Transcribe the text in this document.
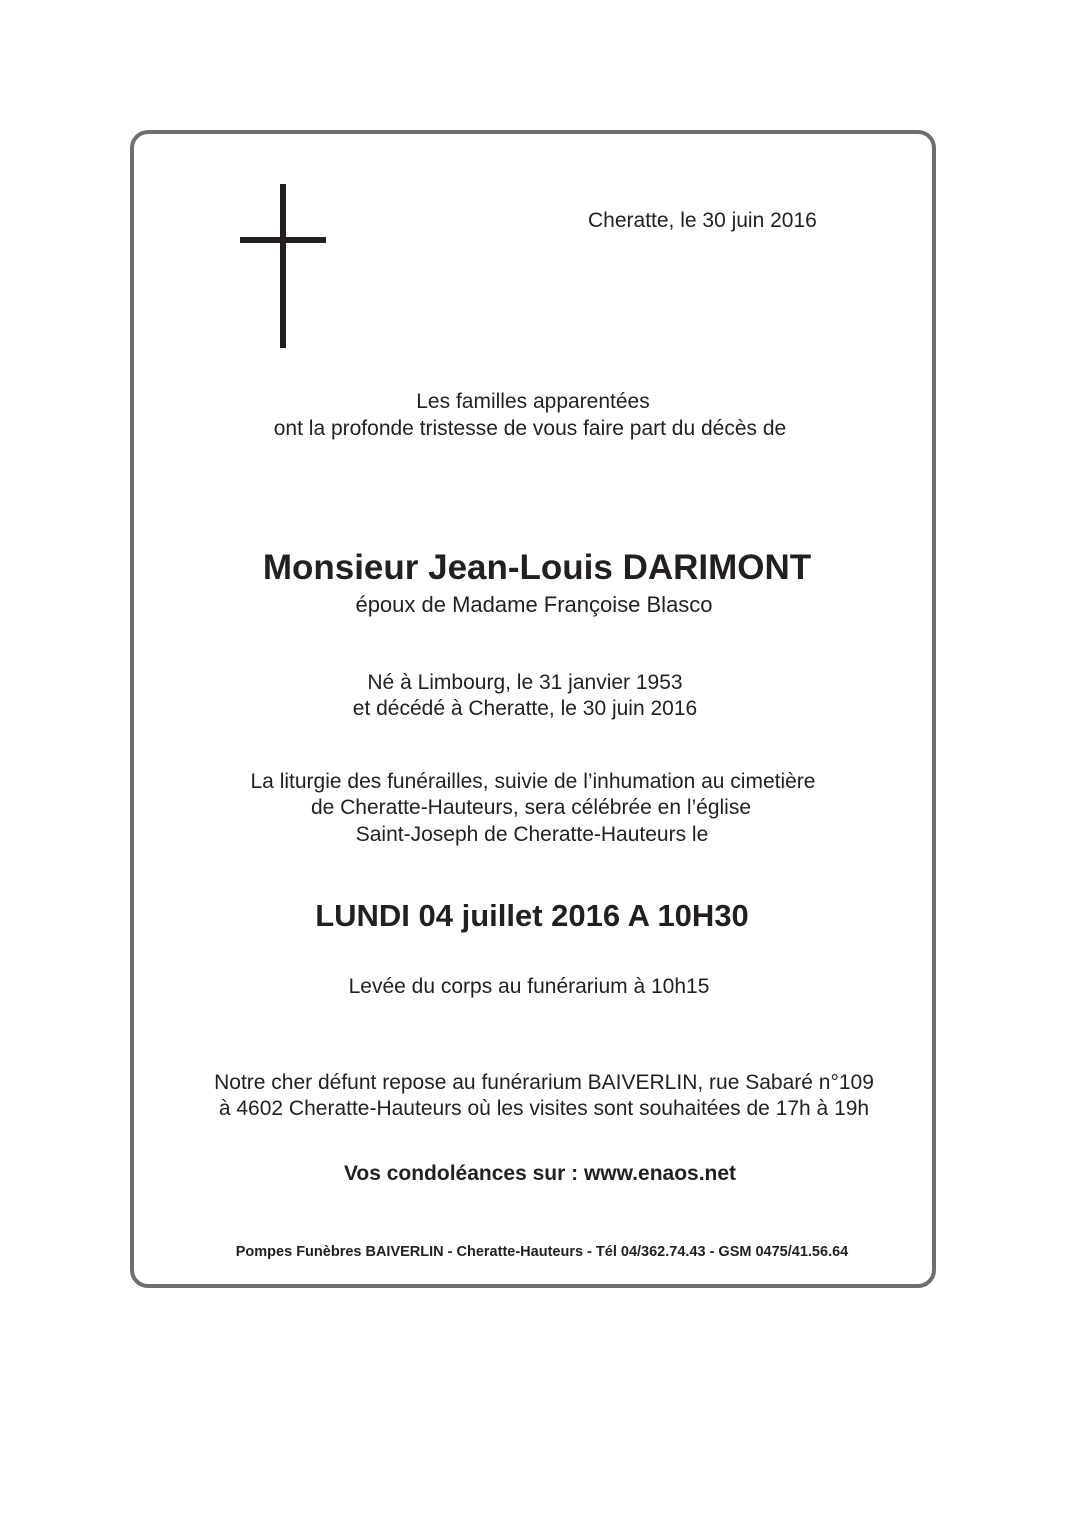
Cheratte, le 30 juin 2016
Les familles apparentées
ont la profonde tristesse de vous faire part du décès de
Monsieur Jean-Louis DARIMONT
époux de Madame Françoise Blasco
Né à Limbourg, le 31 janvier 1953
et décédé à Cheratte, le 30 juin 2016
La liturgie des funérailles, suivie de l’inhumation au cimetière
de Cheratte-Hauteurs, sera célébrée en l’église
Saint-Joseph de Cheratte-Hauteurs le
LUNDI 04 juillet 2016 A 10H30
Levée du corps au funérarium à 10h15
Notre cher défunt repose au funérarium BAIVERLIN, rue Sabaré n°109
à 4602 Cheratte-Hauteurs où les visites sont souhaitées de 17h à 19h
Vos condoléances sur : www.enaos.net
Pompes Funèbres BAIVERLIN - Cheratte-Hauteurs - Tél 04/362.74.43 - GSM 0475/41.56.64
